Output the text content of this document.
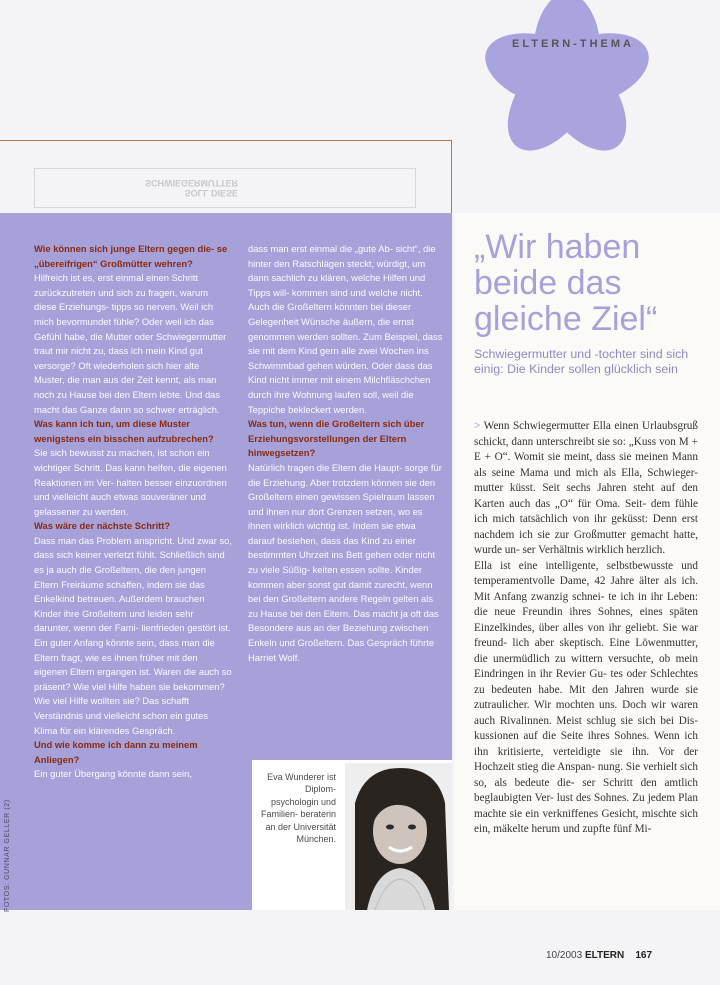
ELTERN-THEMA
SOLL DIESE
SCHWIEGERMUTTER

Wie können sich junge Eltern gegen die- se „übereifrigen“ Großmütter wehren?

Hilfreich ist es, erst einmal einen Schritt zurückzutreten und sich zu fragen, warum diese Erziehungs- tipps so nerven. Weil ich mich bevormundet fühle? Oder weil ich das Gefühl habe, die Mutter oder Schwiegermutter traut mir nicht zu, dass ich mein Kind gut versorge? Oft wiederholen sich hier alte Muster, die man aus der Zeit kennt, als man noch zu Hause bei den Eltern lebte. Und das macht das Ganze dann so schwer erträglich.

Was kann ich tun, um diese Muster wenigstens ein bisschen aufzubrechen?

Sie sich bewusst zu machen, ist schon ein wichtiger Schritt. Das kann helfen, die eigenen Reaktionen im Ver- halten besser einzuordnen und vielleicht auch etwas souveräner und gelassener zu werden.

Was wäre der nächste Schritt?

Dass man das Problem anspricht. Und zwar so, dass sich keiner verletzt fühlt. Schließlich sind es ja auch die Großeltern, die den jungen Eltern Freiräume schaffen, indem sie das Enkelkind betreuen. Außerdem brauchen Kinder ihre Großeltern und leiden sehr darunter, wenn der Fami- lienfrieden gestört ist. Ein guter Anfang könnte sein, dass man die Eltern fragt, wie es ihnen früher mit den eigenen Eltern ergangen ist. Waren die auch so präsent? Wie viel Hilfe haben sie bekommen? Wie viel Hilfe wollten sie? Das schafft Verständnis und vielleicht schon ein gutes Klima für ein klärendes Gespräch.

Und wie komme ich dann zu meinem Anliegen?

Ein guter Übergang könnte dann sein,

dass man erst einmal die „gute Ab- sicht“, die hinter den Ratschlägen steckt, würdigt, um dann sachlich zu klären, welche Hilfen und Tipps will- kommen sind und welche nicht. Auch die Großeltern könnten bei dieser Gelegenheit Wünsche äußern, die ernst genommen werden sollten. Zum Beispiel, dass sie mit dem Kind gern alle zwei Wochen ins Schwimmbad gehen würden. Oder dass das Kind nicht immer mit einem Milchfläschchen durch ihre Wohnung laufen soll, weil die Teppiche bekleckert werden.

Was tun, wenn die Großeltern sich über Erziehungsvorstellungen der Eltern hinwegsetzen?

Natürlich tragen die Eltern die Haupt- sorge für die Erziehung. Aber trotzdem können sie den Großeltern einen gewissen Spielraum lassen und ihnen nur dort Grenzen setzen, wo es ihnen wirklich wichtig ist. Indem sie etwa darauf bestehen, dass das Kind zu einer bestimmten Uhrzeit ins Bett gehen oder nicht zu viele Süßig- keiten essen sollte. Kinder kommen aber sonst gut damit zurecht, wenn bei den Großeltern andere Regeln gelten als zu Hause bei den Eltern. Das macht ja oft das Besondere aus an der Beziehung zwischen Enkeln und Großeltern. Das Gespräch führte Harriet Wolf.

FOTOS: GUNNAR GELLER (2)
Eva Wunderer ist Diplom- psychologin und Familien- beraterin an der Universität München.
„Wir haben beide das gleiche Ziel“
Schwiegermutter und -tochter sind sich einig: Die Kinder sollen glücklich sein

> Wenn Schwiegermutter Ella einen Urlaubsgruß schickt, dann unterschreibt sie so: „Kuss von M + E + O“. Womit sie meint, dass sie meinen Mann als seine Mama und mich als Ella, Schwieger- mutter küsst. Seit sechs Jahren steht auf den Karten auch das „O“ für Oma. Seit- dem fühle ich mich tatsächlich von ihr geküsst: Denn erst nachdem ich sie zur Großmutter gemacht hatte, wurde un- ser Verhältnis wirklich herzlich.

Ella ist eine intelligente, selbstbewusste und temperamentvolle Dame, 42 Jahre älter als ich. Mit Anfang zwanzig schnei- te ich in ihr Leben: die neue Freundin ihres Sohnes, eines späten Einzelkindes, über alles von ihr geliebt. Sie war freund- lich aber skeptisch. Eine Löwenmutter, die unermüdlich zu wittern versuchte, ob mein Eindringen in ihr Revier Gu- tes oder Schlechtes zu bedeuten habe. Mit den Jahren wurde sie zutraulicher. Wir mochten uns. Doch wir waren auch Rivalinnen. Meist schlug sie sich bei Dis- kussionen auf die Seite ihres Sohnes. Wenn ich ihn kritisierte, verteidigte sie ihn. Vor der Hochzeit stieg die Anspan- nung. Sie verhielt sich so, als bedeute die- ser Schritt den amtlich beglaubigten Ver- lust des Sohnes. Zu jedem Plan machte sie ein verkniffenes Gesicht, mischte sich ein, mäkelte herum und zupfte fünf Mi-

10/2003 ELTERN 167
